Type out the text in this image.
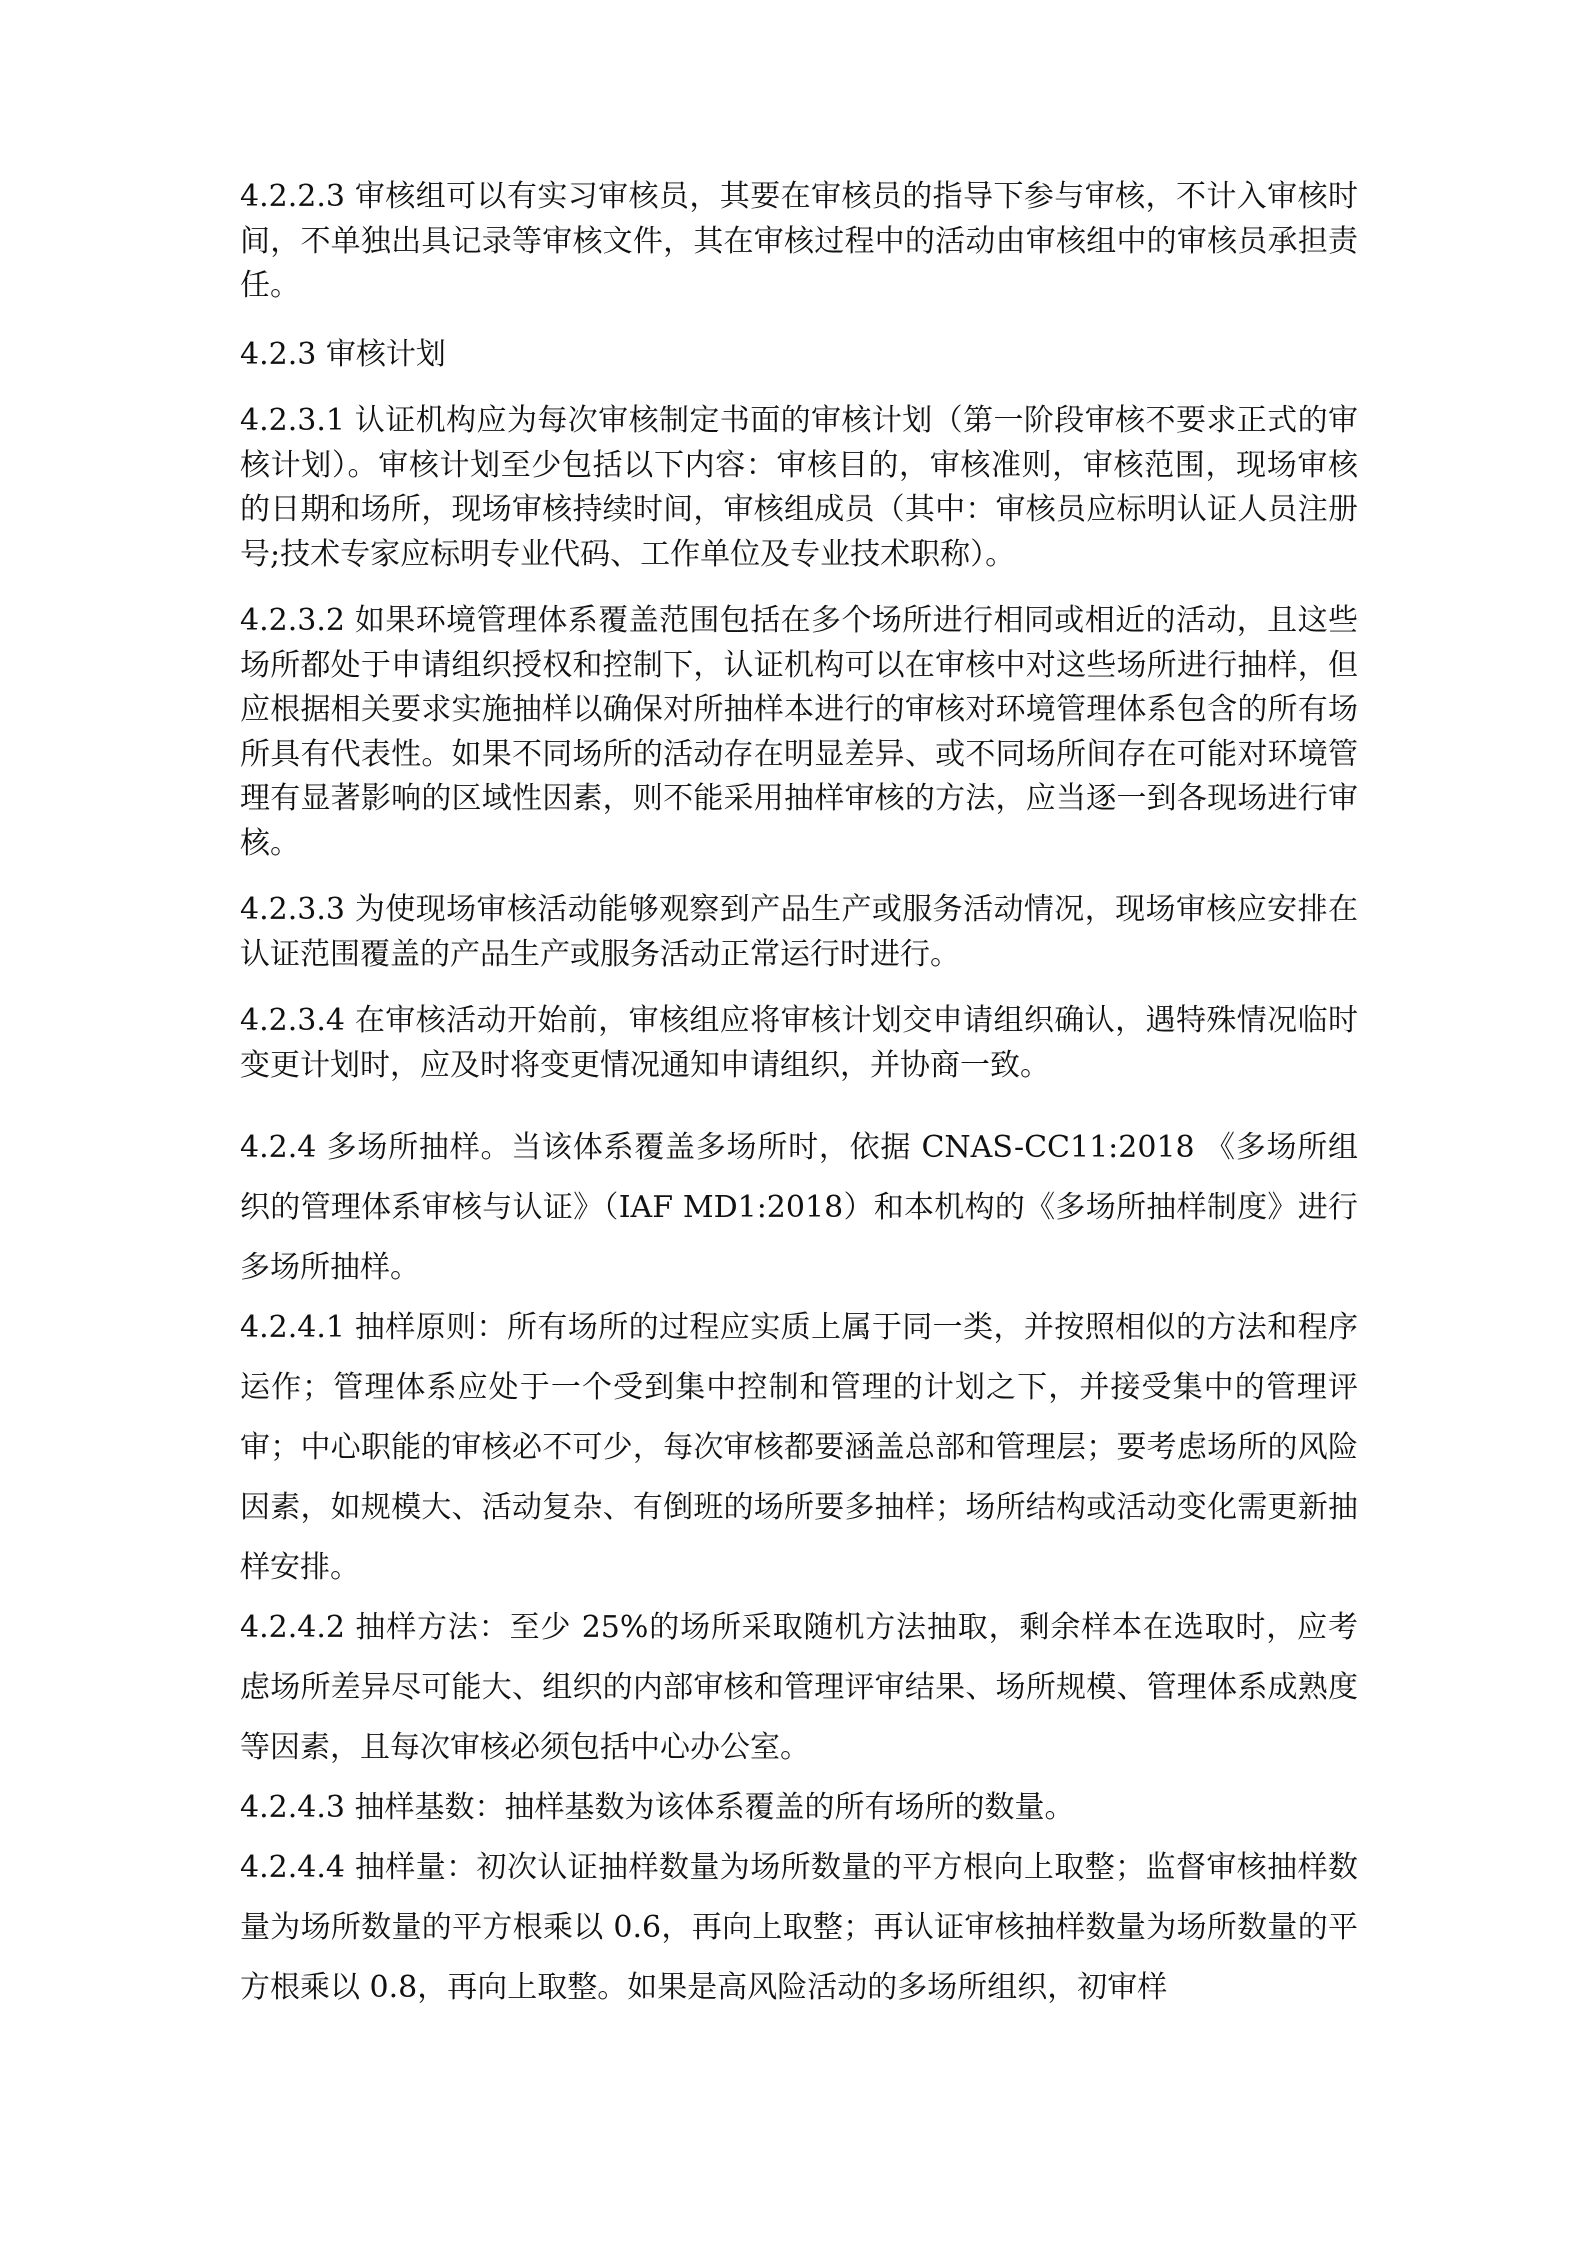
4.2.2.3 审核组可以有实习审核员，其要在审核员的指导下参与审核，不计入审核时间，不单独出具记录等审核文件，其在审核过程中的活动由审核组中的审核员承担责任。

4.2.3 审核计划

4.2.3.1 认证机构应为每次审核制定书面的审核计划（第一阶段审核不要求正式的审核计划）。审核计划至少包括以下内容：审核目的，审核准则，审核范围，现场审核的日期和场所，现场审核持续时间，审核组成员（其中：审核员应标明认证人员注册号;技术专家应标明专业代码、工作单位及专业技术职称）。

4.2.3.2 如果环境管理体系覆盖范围包括在多个场所进行相同或相近的活动，且这些场所都处于申请组织授权和控制下，认证机构可以在审核中对这些场所进行抽样，但应根据相关要求实施抽样以确保对所抽样本进行的审核对环境管理体系包含的所有场所具有代表性。如果不同场所的活动存在明显差异、或不同场所间存在可能对环境管理有显著影响的区域性因素，则不能采用抽样审核的方法，应当逐一到各现场进行审核。

4.2.3.3 为使现场审核活动能够观察到产品生产或服务活动情况，现场审核应安排在认证范围覆盖的产品生产或服务活动正常运行时进行。

4.2.3.4 在审核活动开始前，审核组应将审核计划交申请组织确认，遇特殊情况临时变更计划时，应及时将变更情况通知申请组织，并协商一致。

4.2.4 多场所抽样。当该体系覆盖多场所时，依据 CNAS-CC11:2018 《多场所组织的管理体系审核与认证》（IAF MD1:2018）和本机构的《多场所抽样制度》进行多场所抽样。

4.2.4.1 抽样原则：所有场所的过程应实质上属于同一类，并按照相似的方法和程序运作；管理体系应处于一个受到集中控制和管理的计划之下，并接受集中的管理评审；中心职能的审核必不可少，每次审核都要涵盖总部和管理层；要考虑场所的风险因素，如规模大、活动复杂、有倒班的场所要多抽样；场所结构或活动变化需更新抽样安排。

4.2.4.2 抽样方法：至少 25%的场所采取随机方法抽取，剩余样本在选取时，应考虑场所差异尽可能大、组织的内部审核和管理评审结果、场所规模、管理体系成熟度等因素，且每次审核必须包括中心办公室。

4.2.4.3 抽样基数：抽样基数为该体系覆盖的所有场所的数量。

4.2.4.4 抽样量：初次认证抽样数量为场所数量的平方根向上取整；监督审核抽样数量为场所数量的平方根乘以 0.6，再向上取整；再认证审核抽样数量为场所数量的平方根乘以 0.8，再向上取整。如果是高风险活动的多场所组织，初审样
